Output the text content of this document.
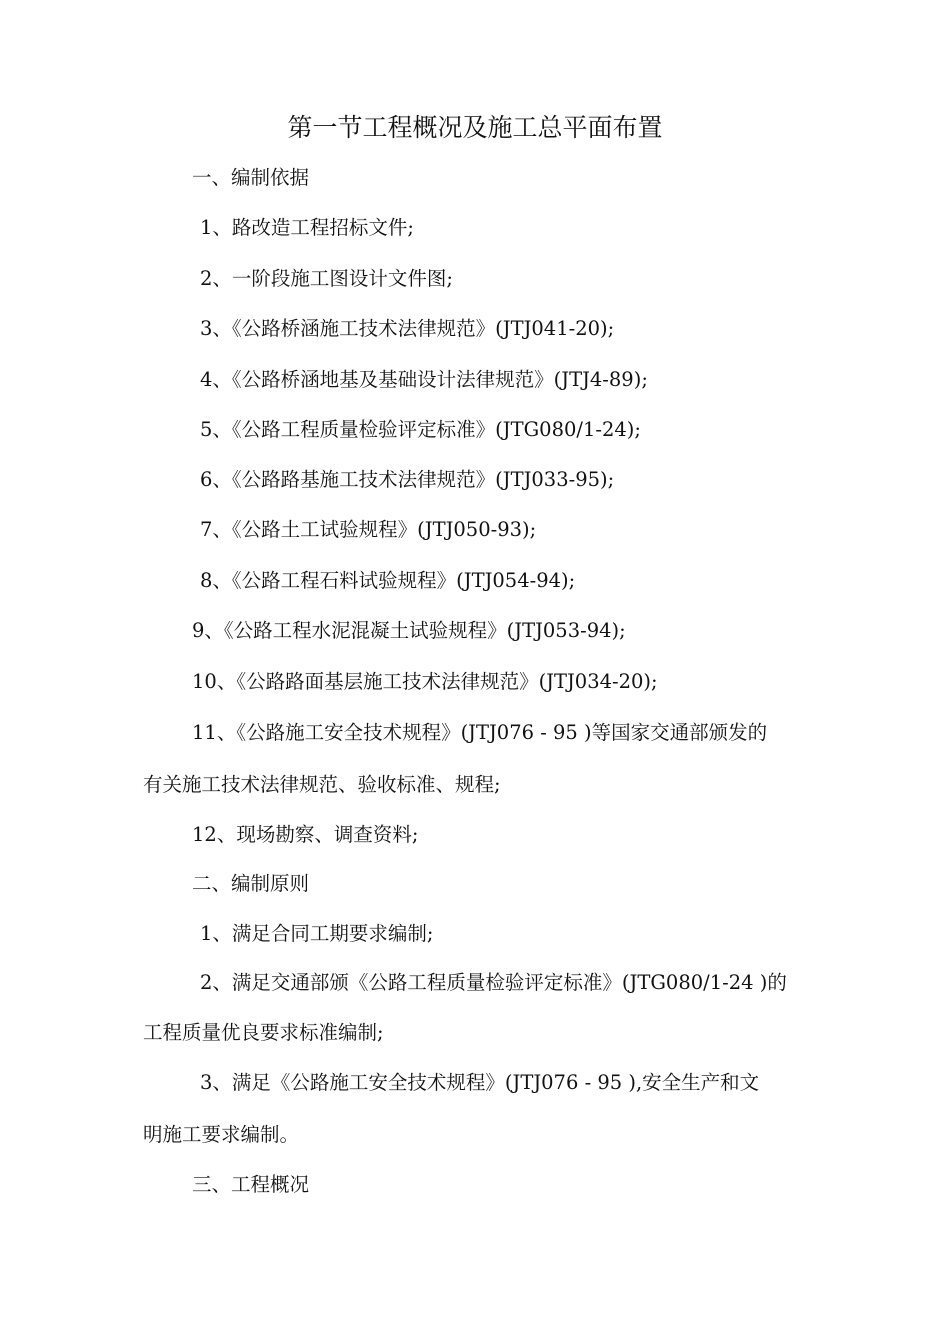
第一节工程概况及施工总平面布置
一、编制依据
1、路改造工程招标文件;
2、一阶段施工图设计文件图;
3、《公路桥涵施工技术法律规范》(JTJ041-20);
4、《公路桥涵地基及基础设计法律规范》(JTJ4-89);
5、《公路工程质量检验评定标准》(JTG080/1-24);
6、《公路路基施工技术法律规范》(JTJ033-95);
7、《公路土工试验规程》(JTJ050-93);
8、《公路工程石料试验规程》(JTJ054-94);
9、《公路工程水泥混凝土试验规程》(JTJ053-94);
10、《公路路面基层施工技术法律规范》(JTJ034-20);
11、《公路施工安全技术规程》(JTJ076 - 95 )等国家交通部颁发的
有关施工技术法律规范、验收标准、规程;
12、现场勘察、调查资料;
二、编制原则
1、满足合同工期要求编制;
2、满足交通部颁《公路工程质量检验评定标准》(JTG080/1-24 )的
工程质量优良要求标准编制;
3、满足《公路施工安全技术规程》(JTJ076 - 95 ),安全生产和文
明施工要求编制。
三、工程概况
